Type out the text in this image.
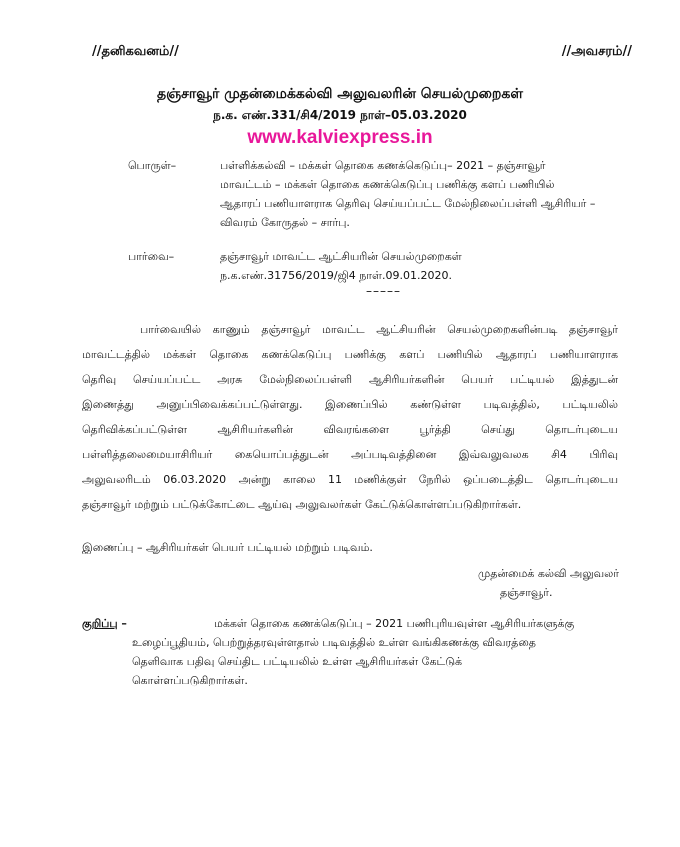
//தனிகவனம்//	//அவசரம்//
தஞ்சாவூர் முதன்மைக்கல்வி அலுவலரின் செயல்முறைகள்
ந.க. எண்.331/சி4/2019 நாள்–05.03.2020
www.kalviexpress.in
பொருள்–	பள்ளிக்கல்வி – மக்கள் தொகை கணக்கெடுப்பு– 2021 – தஞ்சாவூர்
மாவட்டம் – மக்கள் தொகை கணக்கெடுப்பு பணிக்கு களப் பணியில்
ஆதாரப் பணியாளராக தெரிவு செய்யப்பட்ட மேல்நிலைப்பள்ளி ஆசிரியர் –
விவரம் கோருதல் – சார்பு.
பார்வை–	தஞ்சாவூர் மாவட்ட ஆட்சியரின் செயல்முறைகள்
ந.க.எண்.31756/2019/ஜி4 நாள்.09.01.2020.
–––––
பார்வையில் காணும் தஞ்சாவூர் மாவட்ட ஆட்சியரின் செயல்முறைகளின்படி தஞ்சாவூர்
மாவட்டத்தில் மக்கள் தொகை கணக்கெடுப்பு பணிக்கு களப் பணியில் ஆதாரப் பணியாளராக
தெரிவு செய்யப்பட்ட அரசு மேல்நிலைப்பள்ளி ஆசிரியர்களின் பெயர் பட்டியல் இத்துடன்
இணைத்து அனுப்பிவைக்கப்பட்டுள்ளது. இணைப்பில் கண்டுள்ள படிவத்தில், பட்டியலில்
தெரிவிக்கப்பட்டுள்ள ஆசிரியர்களின் விவரங்களை பூர்த்தி செய்து தொடர்புடைய
பள்ளித்தலைமையாசிரியர் கையொப்பத்துடன் அப்படிவத்தினை இவ்வலுவலக சி4 பிரிவு
அலுவலரிடம் 06.03.2020 அன்று காலை 11 மணிக்குள் நேரில் ஒப்படைத்திட தொடர்புடைய
தஞ்சாவூர் மற்றும் பட்டுக்கோட்டை ஆய்வு அலுவலர்கள் கேட்டுக்கொள்ளப்படுகிறார்கள்.
இணைப்பு – ஆசிரியர்கள் பெயர் பட்டியல் மற்றும் படிவம்.
முதன்மைக் கல்வி அலுவலர்
தஞ்சாவூர்.
குறிப்பு –	மக்கள் தொகை கணக்கெடுப்பு – 2021 பணிபுரியவுள்ள ஆசிரியர்களுக்கு
உழைப்பூதியம், பெற்றுத்தரவுள்ளதால் படிவத்தில் உள்ள வங்கிகணக்கு விவரத்தை
தெளிவாக பதிவு செய்திட பட்டியலில் உள்ள ஆசிரியர்கள் கேட்டுக்
கொள்ளப்படுகிறார்கள்.
